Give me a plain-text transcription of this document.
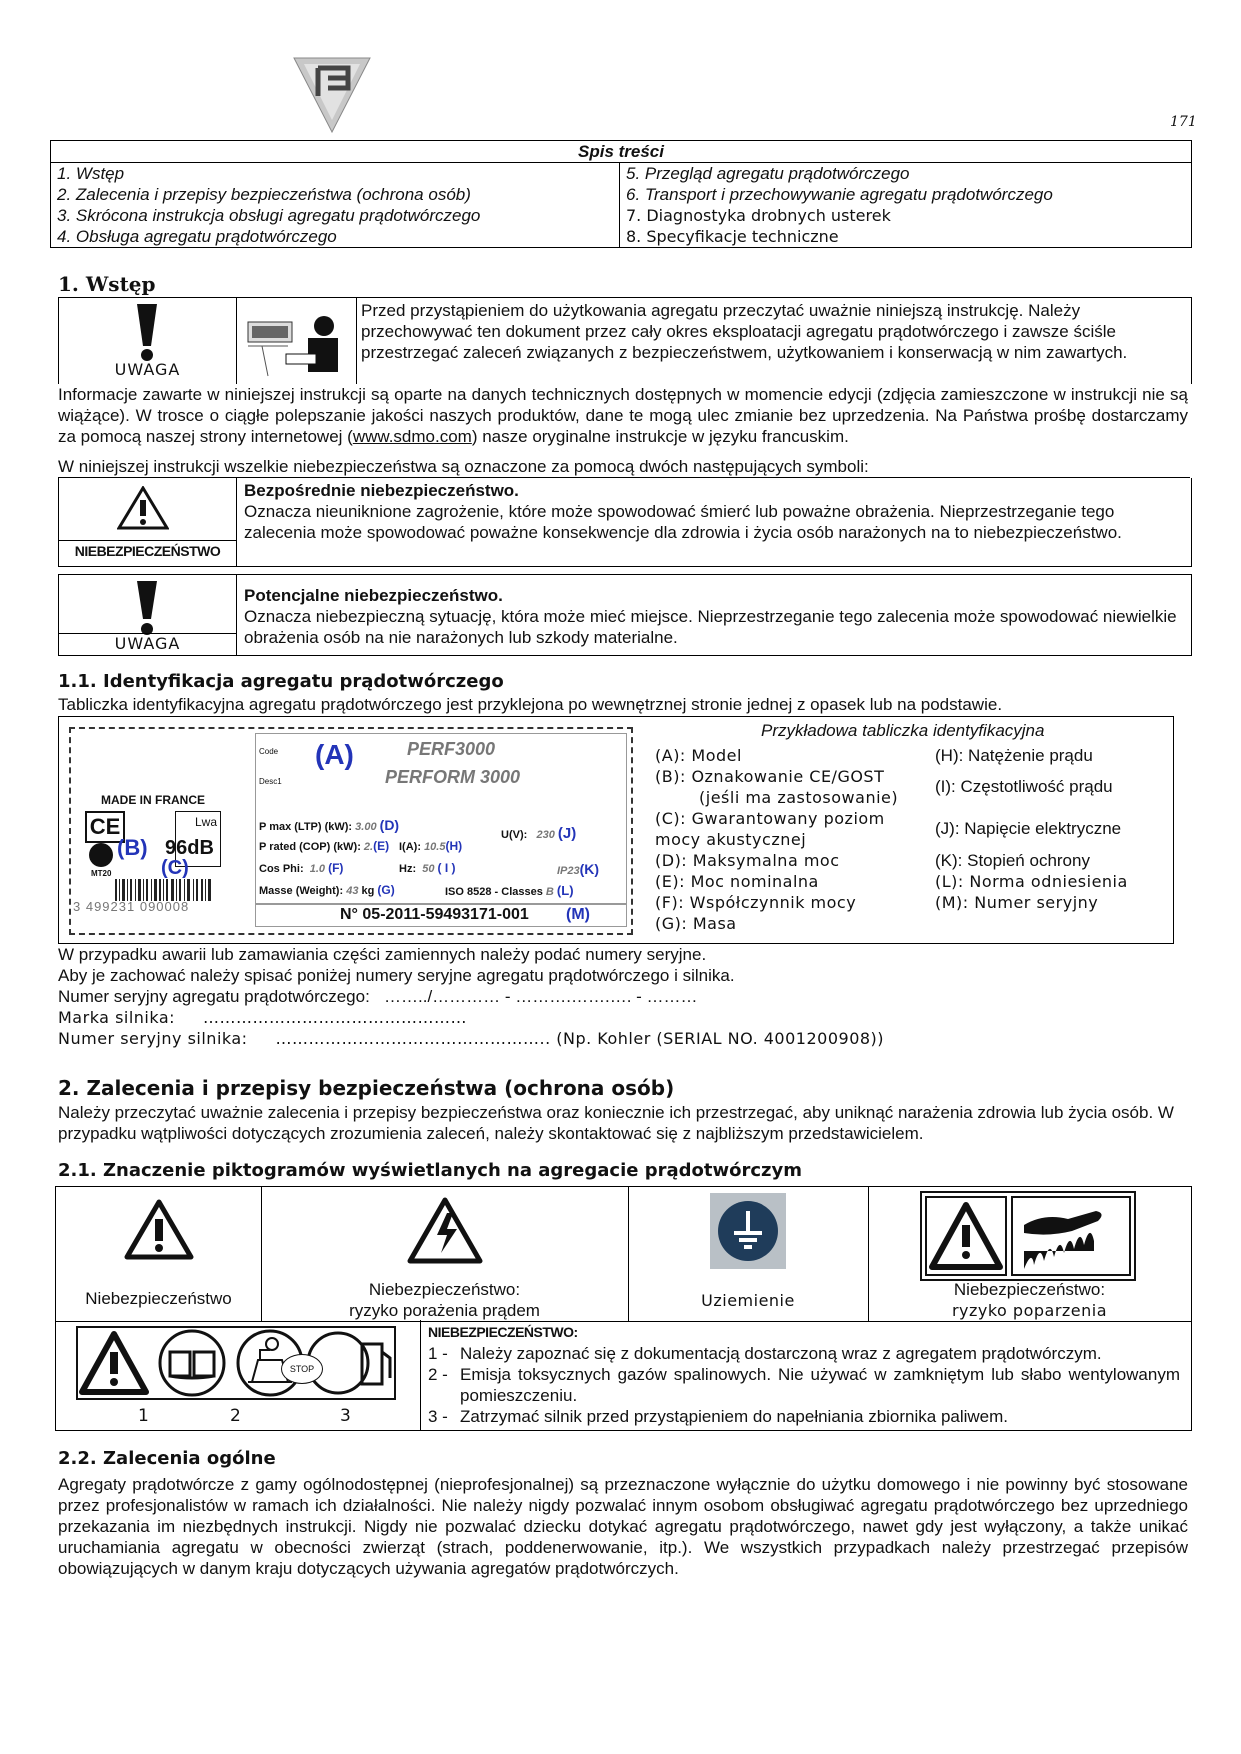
171
Spis treści

1. Wstęp
2. Zalecenia i przepisy bezpieczeństwa (ochrona osób)
3. Skrócona instrukcja obsługi agregatu prądotwórczego
4. Obsługa agregatu prądotwórczego

5. Przegląd agregatu prądotwórczego
6. Transport i przechowywanie agregatu prądotwórczego
7. Diagnostyka drobnych usterek
8. Specyfikacje techniczne
1. Wstęp
UWAGA
Przed przystąpieniem do użytkowania agregatu przeczytać uważnie niniejszą instrukcję. Należy przechowywać ten dokument przez cały okres eksploatacji agregatu prądotwórczego i zawsze ściśle przestrzegać zaleceń związanych z bezpieczeństwem, użytkowaniem i konserwacją w nim zawartych.
Informacje zawarte w niniejszej instrukcji są oparte na danych technicznych dostępnych w momencie edycji (zdjęcia zamieszczone w instrukcji nie są wiążące). W trosce o ciągłe polepszanie jakości naszych produktów, dane te mogą ulec zmianie bez uprzedzenia. Na Państwa prośbę dostarczamy za pomocą naszej strony internetowej (www.sdmo.com) nasze oryginalne instrukcje w języku francuskim.
W niniejszej instrukcji wszelkie niebezpieczeństwa są oznaczone za pomocą dwóch następujących symboli:
NIEBEZPIECZEŃSTWO
Bezpośrednie niebezpieczeństwo.
Oznacza nieuniknione zagrożenie, które może spowodować śmierć lub poważne obrażenia. Nieprzestrzeganie tego zalecenia może spowodować poważne konsekwencje dla zdrowia i życia osób narażonych na to niebezpieczeństwo.
UWAGA
Potencjalne niebezpieczeństwo.
Oznacza niebezpieczną sytuację, która może mieć miejsce. Nieprzestrzeganie tego zalecenia może spowodować niewielkie obrażenia osób na nie narażonych lub szkody materialne.
1.1. Identyfikacja agregatu prądotwórczego
Tabliczka identyfikacyjna agregatu prądotwórczego jest przyklejona po wewnętrznej stronie jednej z opasek lub na podstawie.
Code
Desc1
(A)	PERF3000
PERFORM 3000
MADE IN FRANCE
CE	Lwa
96dB
(B)
(C)
MT20
P max (LTP) (kW): 3.00 (D)
P rated (COP) (kW): 2.(E)
Cos Phi: 1.0 (F)
Masse (Weight): 43 kg (G)
I(A): 10.5(H)
Hz: 50 ( I )
U(V): 230 (J)
IP23(K)
ISO 8528 - Classes B (L)
3 499231 090008	N° 05-2011-59493171-001 (M)
Przykładowa tabliczka identyfikacyjna
(A): Model
(B): Oznakowanie CE/GOST
(jeśli ma zastosowanie)
(C): Gwarantowany poziom
mocy akustycznej
(D): Maksymalna moc
(E): Moc nominalna
(F): Współczynnik mocy
(G): Masa
(H): Natężenie prądu
(I): Częstotliwość prądu
(J): Napięcie elektryczne
(K): Stopień ochrony
(L): Norma odniesienia
(M): Numer seryjny
W przypadku awarii lub zamawiania części zamiennych należy podać numery seryjne.
Aby je zachować należy spisać poniżej numery seryjne agregatu prądotwórczego i silnika.
Numer seryjny agregatu prądotwórczego: ……../………… - ……….…….…. - ………
Marka silnika: …………………………………………
Numer seryjny silnika: ………………………………………….. (Np. Kohler (SERIAL NO. 4001200908))
2. Zalecenia i przepisy bezpieczeństwa (ochrona osób)
Należy przeczytać uważnie zalecenia i przepisy bezpieczeństwa oraz koniecznie ich przestrzegać, aby uniknąć narażenia zdrowia lub życia osób. W przypadku wątpliwości dotyczących zrozumienia zaleceń, należy skontaktować się z najbliższym przedstawicielem.
2.1. Znaczenie piktogramów wyświetlanych na agregacie prądotwórczym
Niebezpieczeństwo	Niebezpieczeństwo:
ryzyko porażenia prądem
Uziemienie
Niebezpieczeństwo:
ryzyko poparzenia
STOP
1	2	3
NIEBEZPIECZEŃSTWO:
1 - Należy zapoznać się z dokumentacją dostarczoną wraz z agregatem prądotwórczym.
2 - Emisja toksycznych gazów spalinowych. Nie używać w zamkniętym lub słabo wentylowanym pomieszczeniu.
3 - Zatrzymać silnik przed przystąpieniem do napełniania zbiornika paliwem.
2.2. Zalecenia ogólne
Agregaty prądotwórcze z gamy ogólnodostępnej (nieprofesjonalnej) są przeznaczone wyłącznie do użytku domowego i nie powinny być stosowane przez profesjonalistów w ramach ich działalności. Nie należy nigdy pozwalać innym osobom obsługiwać agregatu prądotwórczego bez uprzedniego przekazania im niezbędnych instrukcji. Nigdy nie pozwalać dziecku dotykać agregatu prądotwórczego, nawet gdy jest wyłączony, a także unikać uruchamiania agregatu w obecności zwierząt (strach, poddenerwowanie, itp.). We wszystkich przypadkach należy przestrzegać przepisów obowiązujących w danym kraju dotyczących używania agregatów prądotwórczych.
